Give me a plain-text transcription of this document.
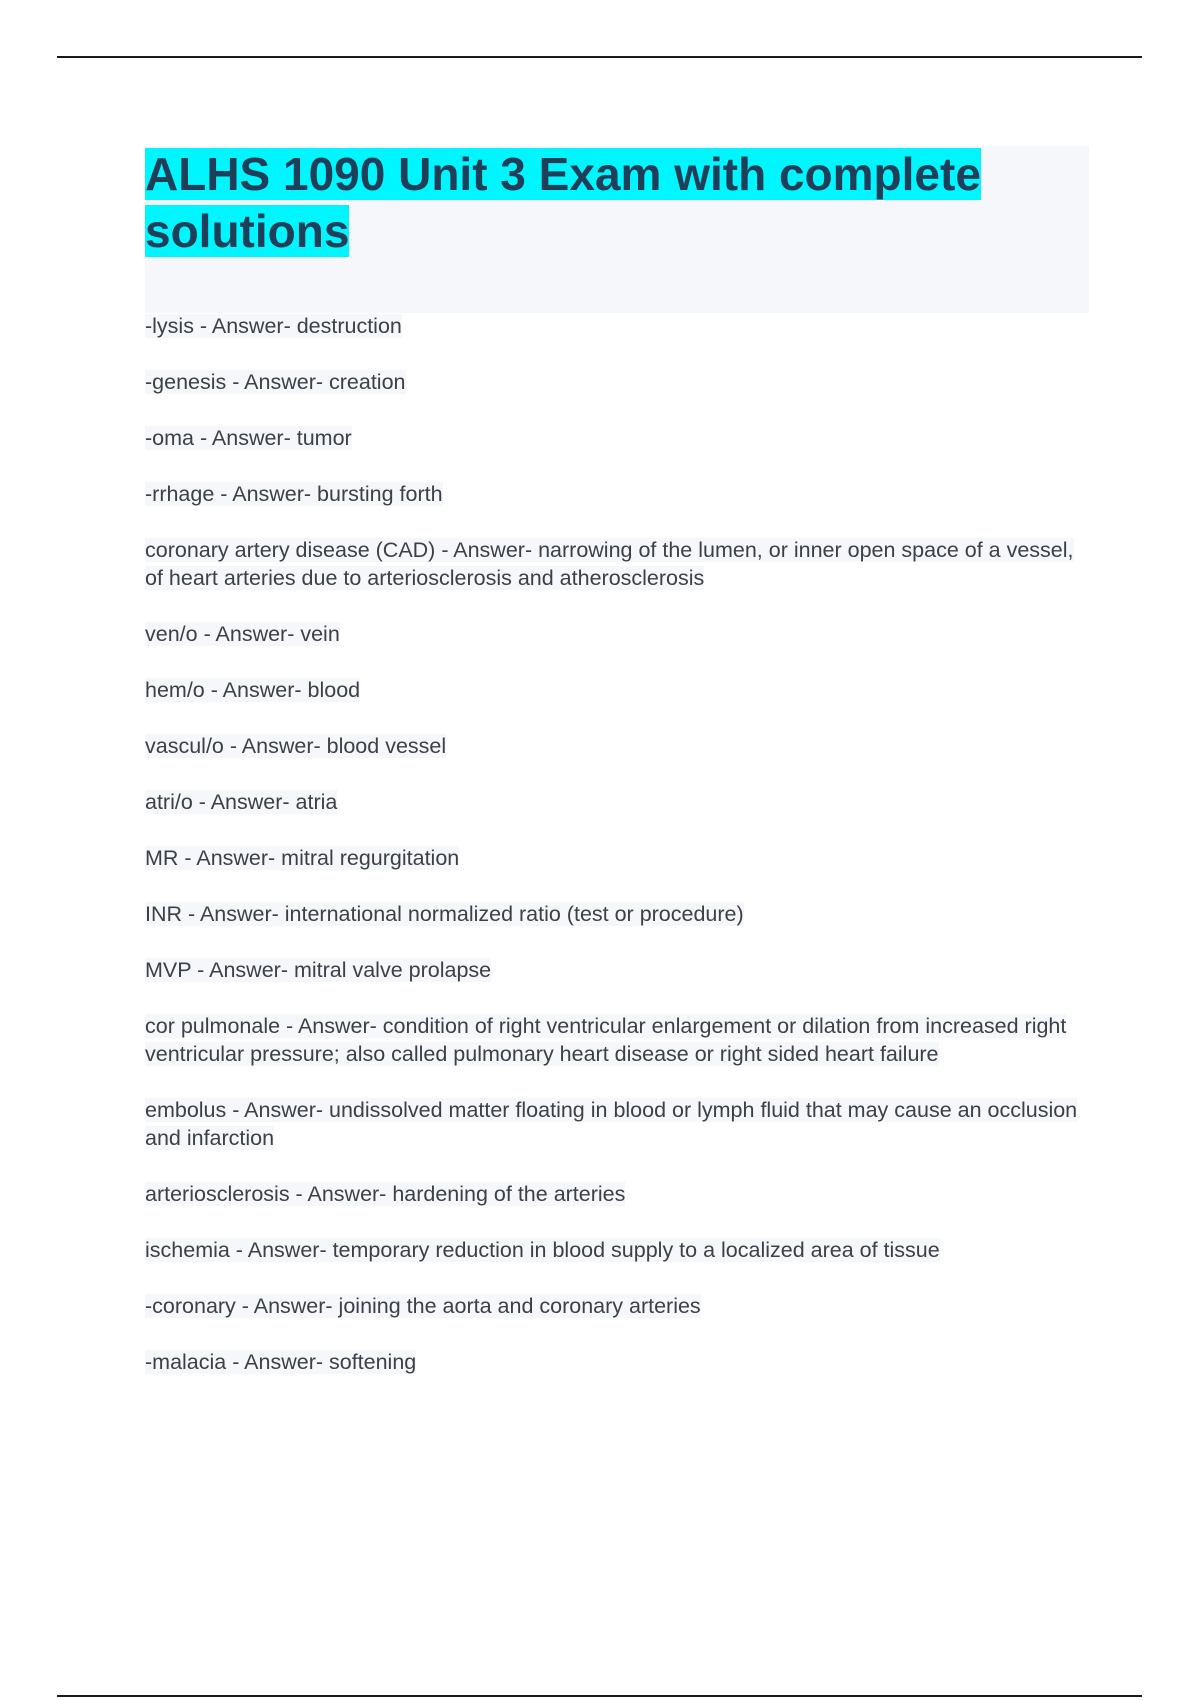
ALHS 1090 Unit 3 Exam with complete solutions
-lysis - Answer- destruction
-genesis - Answer- creation
-oma - Answer- tumor
-rrhage - Answer- bursting forth
coronary artery disease (CAD) - Answer- narrowing of the lumen, or inner open space of a vessel, of heart arteries due to arteriosclerosis and atherosclerosis
ven/o - Answer- vein
hem/o - Answer- blood
vascul/o - Answer- blood vessel
atri/o - Answer- atria
MR - Answer- mitral regurgitation
INR - Answer- international normalized ratio (test or procedure)
MVP - Answer- mitral valve prolapse
cor pulmonale - Answer- condition of right ventricular enlargement or dilation from increased right ventricular pressure; also called pulmonary heart disease or right sided heart failure
embolus - Answer- undissolved matter floating in blood or lymph fluid that may cause an occlusion and infarction
arteriosclerosis - Answer- hardening of the arteries
ischemia - Answer- temporary reduction in blood supply to a localized area of tissue
-coronary - Answer- joining the aorta and coronary arteries
-malacia - Answer- softening
